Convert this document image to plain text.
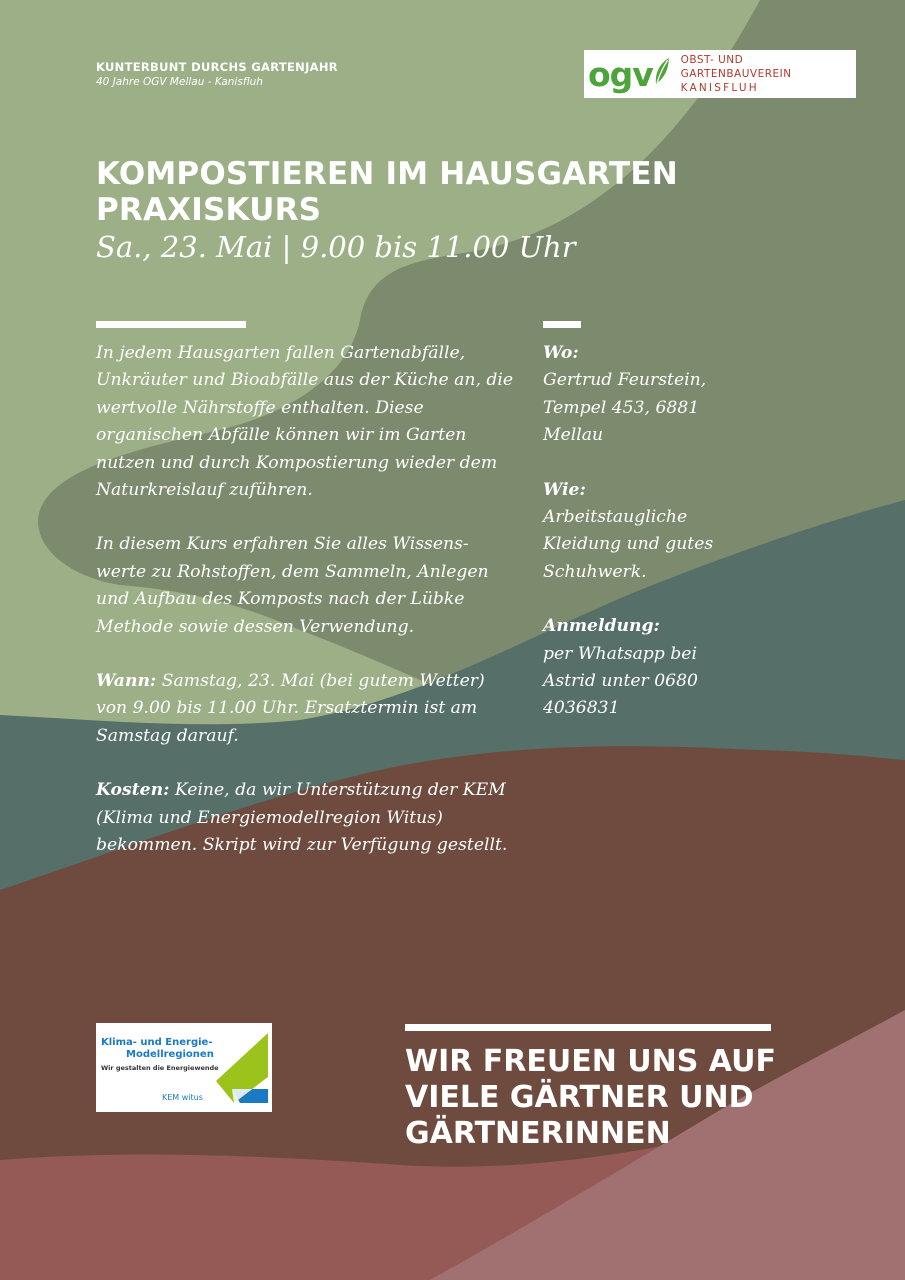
KUNTERBUNT DURCHS GARTENJAHR
40 Jahre OGV Mellau - Kanisfluh	ogv	OBST- UND GARTENBAUVEREIN
KANISFLUH
KOMPOSTIEREN IM HAUSGARTEN
PRAXISKURS
Sa., 23. Mai | 9.00 bis 11.00 Uhr

In jedem Hausgarten fallen Gartenabfälle, Unkräuter und Bioabfälle aus der Küche an, die wertvolle Nährstoffe enthalten. Diese organischen Abfälle können wir im Garten nutzen und durch Kompostierung wieder dem Naturkreislauf zuführen.

In diesem Kurs erfahren Sie alles Wissens-werte zu Rohstoffen, dem Sammeln, Anlegen und Aufbau des Komposts nach der Lübke Methode sowie dessen Verwendung.

Wann: Samstag, 23. Mai (bei gutem Wetter) von 9.00 bis 11.00 Uhr. Ersatztermin ist am Samstag darauf.

Kosten: Keine, da wir Unterstützung der KEM (Klima und Energiemodellregion Witus) bekommen. Skript wird zur Verfügung gestellt.

Wo:
Gertrud Feurstein, Tempel 453, 6881 Mellau

Wie:
Arbeitstaugliche Kleidung und gutes Schuhwerk.

Anmeldung:
per Whatsapp bei Astrid unter 0680 4036831

Klima- und Energie-
Modellregionen
Wir gestalten die Energiewende
KEM witus
WIR FREUEN UNS AUF
VIELE GÄRTNER UND
GÄRTNERINNEN
